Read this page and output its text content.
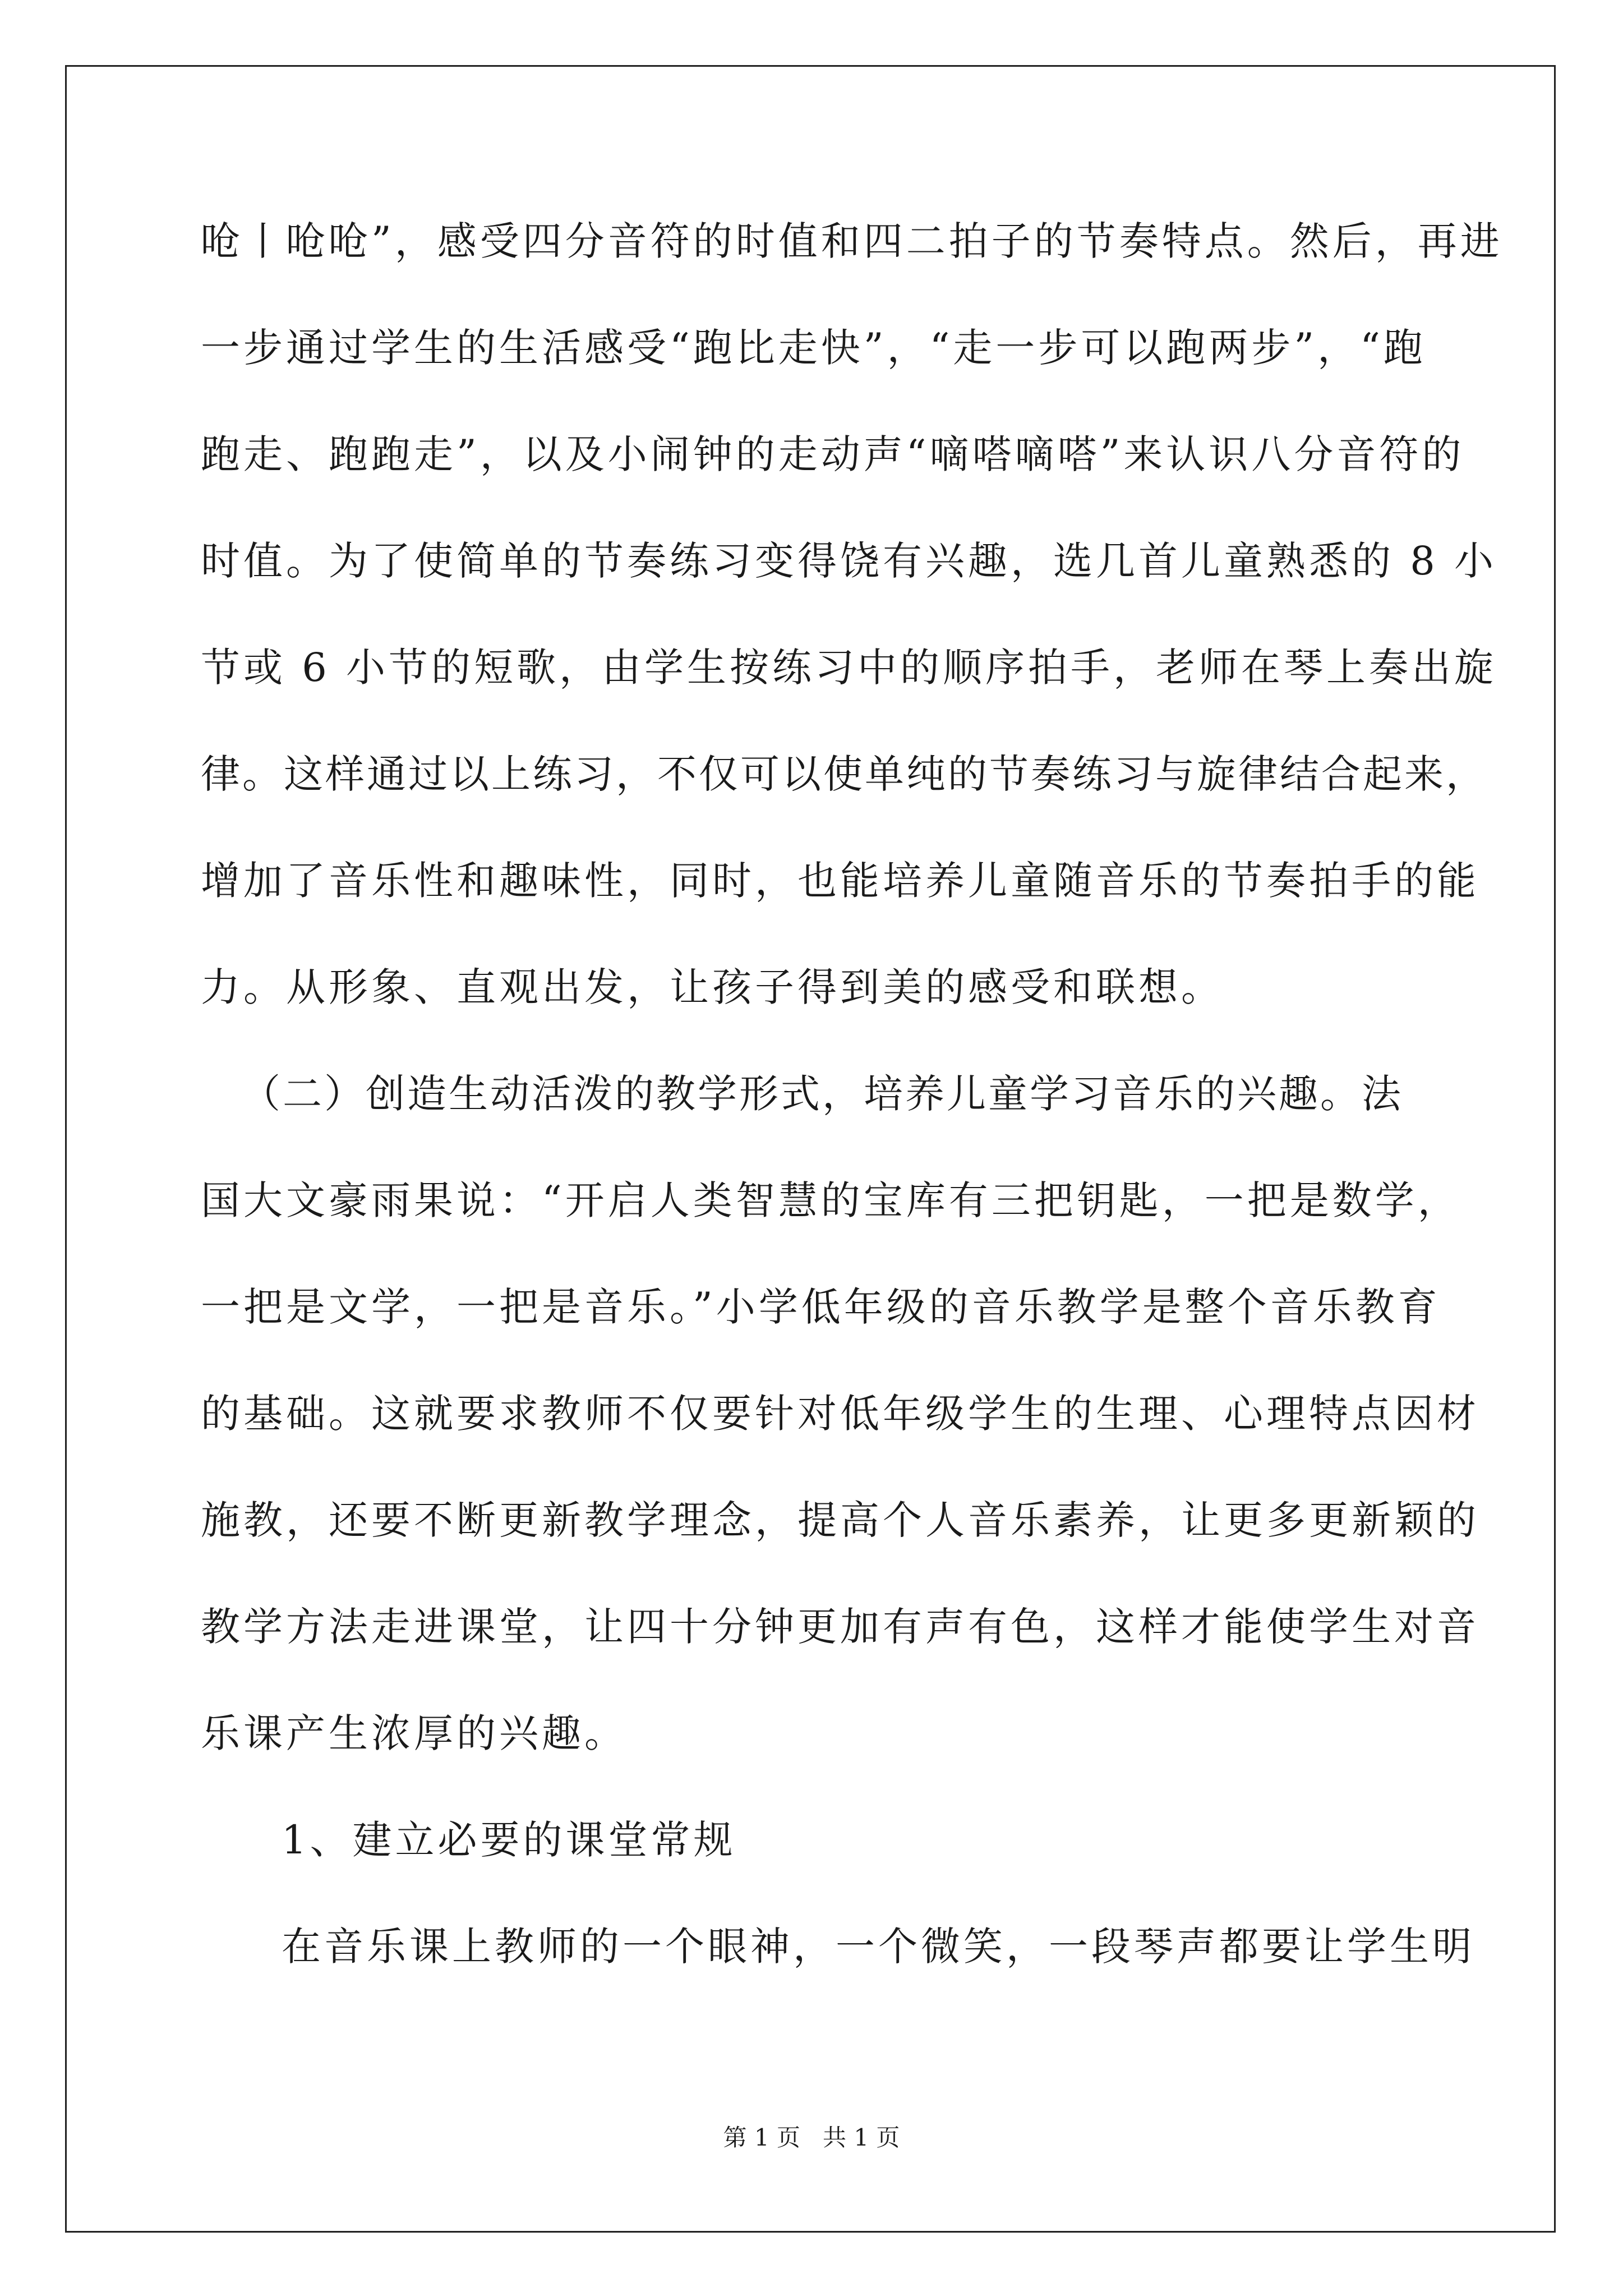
呛丨呛呛”，感受四分音符的时值和四二拍子的节奏特点。然后，再进
一步通过学生的生活感受“跑比走快”，“走一步可以跑两步”，“跑
跑走、跑跑走”，以及小闹钟的走动声“嘀嗒嘀嗒”来认识八分音符的
时值。为了使简单的节奏练习变得饶有兴趣，选几首儿童熟悉的 8 小
节或 6 小节的短歌，由学生按练习中的顺序拍手，老师在琴上奏出旋
律。这样通过以上练习，不仅可以使单纯的节奏练习与旋律结合起来，
增加了音乐性和趣味性，同时，也能培养儿童随音乐的节奏拍手的能
力。从形象、直观出发，让孩子得到美的感受和联想。
（二）创造生动活泼的教学形式，培养儿童学习音乐的兴趣。法
国大文豪雨果说：“开启人类智慧的宝库有三把钥匙，一把是数学，
一把是文学，一把是音乐。”小学低年级的音乐教学是整个音乐教育
的基础。这就要求教师不仅要针对低年级学生的生理、心理特点因材
施教，还要不断更新教学理念，提高个人音乐素养，让更多更新颖的
教学方法走进课堂，让四十分钟更加有声有色，这样才能使学生对音
乐课产生浓厚的兴趣。
1、建立必要的课堂常规
在音乐课上教师的一个眼神，一个微笑，一段琴声都要让学生明
第 1 页 共 1 页
